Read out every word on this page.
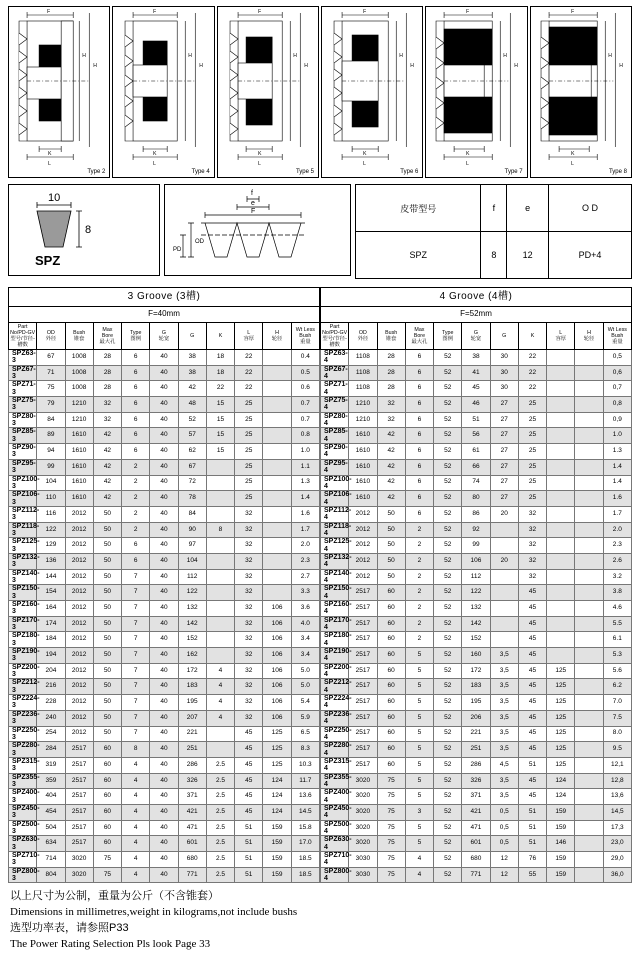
F
H
H
K
L
Type 2
F
H
H
K
L
Type 4
F
H
H
K
L
Type 5
F
H
H
K
L
Type 6
F
H
H
K
L
Type 7
F
H
H
K
L
Type 8
10
8
SPZ
F
e
f
OD
PD
皮带型号	f	e	O D
SPZ	8	12	PD+4
3 Groove (3槽)										
F=40mm										
Part No/PD-GV
型号/节径-槽数	OD
外径	Bush
锥套	Max
Bore
最大孔	Type
图例	G
轮宽	G	K	L
容厚	H
轮径	Wt Less
Bush
重量
SPZ63-3	67	1008	28	6	40	38	18	22		0.4
SPZ67-3	71	1008	28	6	40	38	18	22		0.5
SPZ71-3	75	1008	28	6	40	42	22	22		0.6
SPZ75-3	79	1210	32	6	40	48	15	25		0.7
SPZ80-3	84	1210	32	6	40	52	15	25		0.7
SPZ85-3	89	1610	42	6	40	57	15	25		0.8
SPZ90-3	94	1610	42	6	40	62	15	25		1.0
SPZ95-3	99	1610	42	2	40	67		25		1.1
SPZ100-3	104	1610	42	2	40	72		25		1.3
SPZ106-3	110	1610	42	2	40	78		25		1.4
SPZ112-3	116	2012	50	2	40	84		32		1.6
SPZ118-3	122	2012	50	2	40	90	8	32		1.7
SPZ125-3	129	2012	50	6	40	97		32		2.0
SPZ132-3	136	2012	50	6	40	104		32		2.3
SPZ140-3	144	2012	50	7	40	112		32		2.7
SPZ150-3	154	2012	50	7	40	122		32		3.3
SPZ160-3	164	2012	50	7	40	132		32	106	3.6
SPZ170-3	174	2012	50	7	40	142		32	106	4.0
SPZ180-3	184	2012	50	7	40	152		32	106	3.4
SPZ190-3	194	2012	50	7	40	162		32	106	3.4
SPZ200-3	204	2012	50	7	40	172	4	32	106	5.0
SPZ212-3	216	2012	50	7	40	183	4	32	106	5.0
SPZ224-3	228	2012	50	7	40	195	4	32	106	5.4
SPZ236-3	240	2012	50	7	40	207	4	32	106	5.9
SPZ250-3	254	2012	50	7	40	221		45	125	6.5
SPZ280-3	284	2517	60	8	40	251		45	125	8.3
SPZ315-3	319	2517	60	4	40	286	2.5	45	125	10.3
SPZ355-3	359	2517	60	4	40	326	2.5	45	124	11.7
SPZ400-3	404	2517	60	4	40	371	2.5	45	124	13.6
SPZ450-3	454	2517	60	4	40	421	2.5	45	124	14.5
SPZ500-3	504	2517	60	4	40	471	2.5	51	159	15.8
SPZ630-3	634	2517	60	4	40	601	2.5	51	159	17.0
SPZ710-3	714	3020	75	4	40	680	2.5	51	159	18.5
SPZ800-3	804	3020	75	4	40	771	2.5	51	159	18.5
4 Groove (4槽)										
F=52mm										
Part No/PD-GV
型号/节径-槽数	OD
外径	Bush
锥套	Max
Bore
最大孔	Type
图例	G
轮宽	G	K	L
容厚	H
轮径	Wt Less
Bush
重量
SPZ63-4	1108	28	6	52	38	30	22			0,5
SPZ67-4	1108	28	6	52	41	30	22			0,6
SPZ71-4	1108	28	6	52	45	30	22			0,7
SPZ75-4	1210	32	6	52	46	27	25			0,8
SPZ80-4	1210	32	6	52	51	27	25			0,9
SPZ85-4	1610	42	6	52	56	27	25			1.0
SPZ90-4	1610	42	6	52	61	27	25			1.3
SPZ95-4	1610	42	6	52	66	27	25			1.4
SPZ100-4	1610	42	6	52	74	27	25			1.4
SPZ106-4	1610	42	6	52	80	27	25			1.6
SPZ112-4	2012	50	6	52	86	20	32			1.7
SPZ118-4	2012	50	2	52	92		32			2.0
SPZ125-4	2012	50	2	52	99		32			2.3
SPZ132-4	2012	50	2	52	106	20	32			2.6
SPZ140-4	2012	50	2	52	112		32			3.2
SPZ150-4	2517	60	2	52	122		45			3.8
SPZ160-4	2517	60	2	52	132		45			4.6
SPZ170-4	2517	60	2	52	142		45			5.5
SPZ180-4	2517	60	2	52	152		45			6.1
SPZ190-4	2517	60	5	52	160	3,5	45			5.3
SPZ200-4	2517	60	5	52	172	3,5	45	125		5.6
SPZ212-4	2517	60	5	52	183	3,5	45	125		6.2
SPZ224-4	2517	60	5	52	195	3,5	45	125		7.0
SPZ236-4	2517	60	5	52	206	3,5	45	125		7.5
SPZ250-4	2517	60	5	52	221	3,5	45	125		8.0
SPZ280-4	2517	60	5	52	251	3,5	45	125		9.5
SPZ315-4	2517	60	5	52	286	4,5	51	125		12,1
SPZ355-4	3020	75	5	52	326	3,5	45	124		12,8
SPZ400-4	3020	75	5	52	371	3,5	45	124		13,6
SPZ450-4	3020	75	3	52	421	0,5	51	159		14,5
SPZ500-4	3020	75	5	52	471	0,5	51	159		17,3
SPZ630-4	3020	75	5	52	601	0,5	51	146		23,0
SPZ710-4	3030	75	4	52	680	12	76	159		29,0
SPZ800-4	3030	75	4	52	771	12	55	159		36,0
以上尺寸为公制，重量为公斤（不含锥套）
Dimensions in millimetres,weight in kilograms,not include bushs
选型功率表，请参照P33
The Power Rating Selection Pls look Page 33
